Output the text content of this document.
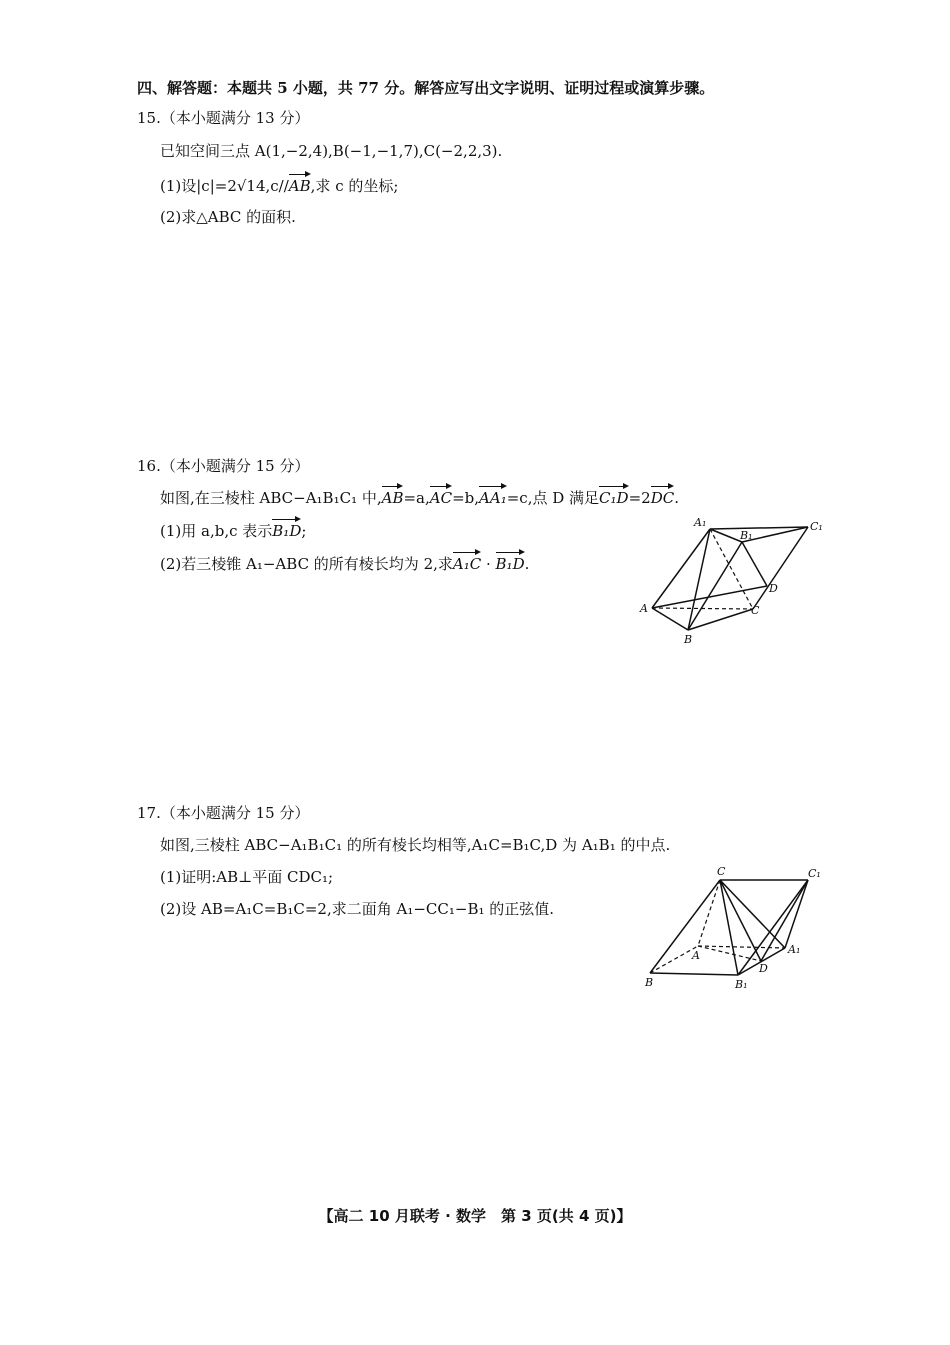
四、解答题：本题共 5 小题，共 77 分。解答应写出文字说明、证明过程或演算步骤。
15.（本小题满分 13 分）
已知空间三点 A(1,−2,4),B(−1,−1,7),C(−2,2,3).
(1)设|c|=2√14,c//AB,求 c 的坐标;
(2)求△ABC 的面积.
16.（本小题满分 15 分）
如图,在三棱柱 ABC−A₁B₁C₁ 中,AB=a,AC=b,AA₁=c,点 D 满足C₁D=2DC.
(1)用 a,b,c 表示B₁D;
(2)若三棱锥 A₁−ABC 的所有棱长均为 2,求A₁C · B₁D.
A₁
B₁
C₁
A
B
C
D
17.（本小题满分 15 分）
如图,三棱柱 ABC−A₁B₁C₁ 的所有棱长均相等,A₁C=B₁C,D 为 A₁B₁ 的中点.
(1)证明:AB⊥平面 CDC₁;
(2)设 AB=A₁C=B₁C=2,求二面角 A₁−CC₁−B₁ 的正弦值.
C	C₁
A	A₁
B	B₁
D
【高二 10 月联考 · 数学　第 3 页(共 4 页)】
